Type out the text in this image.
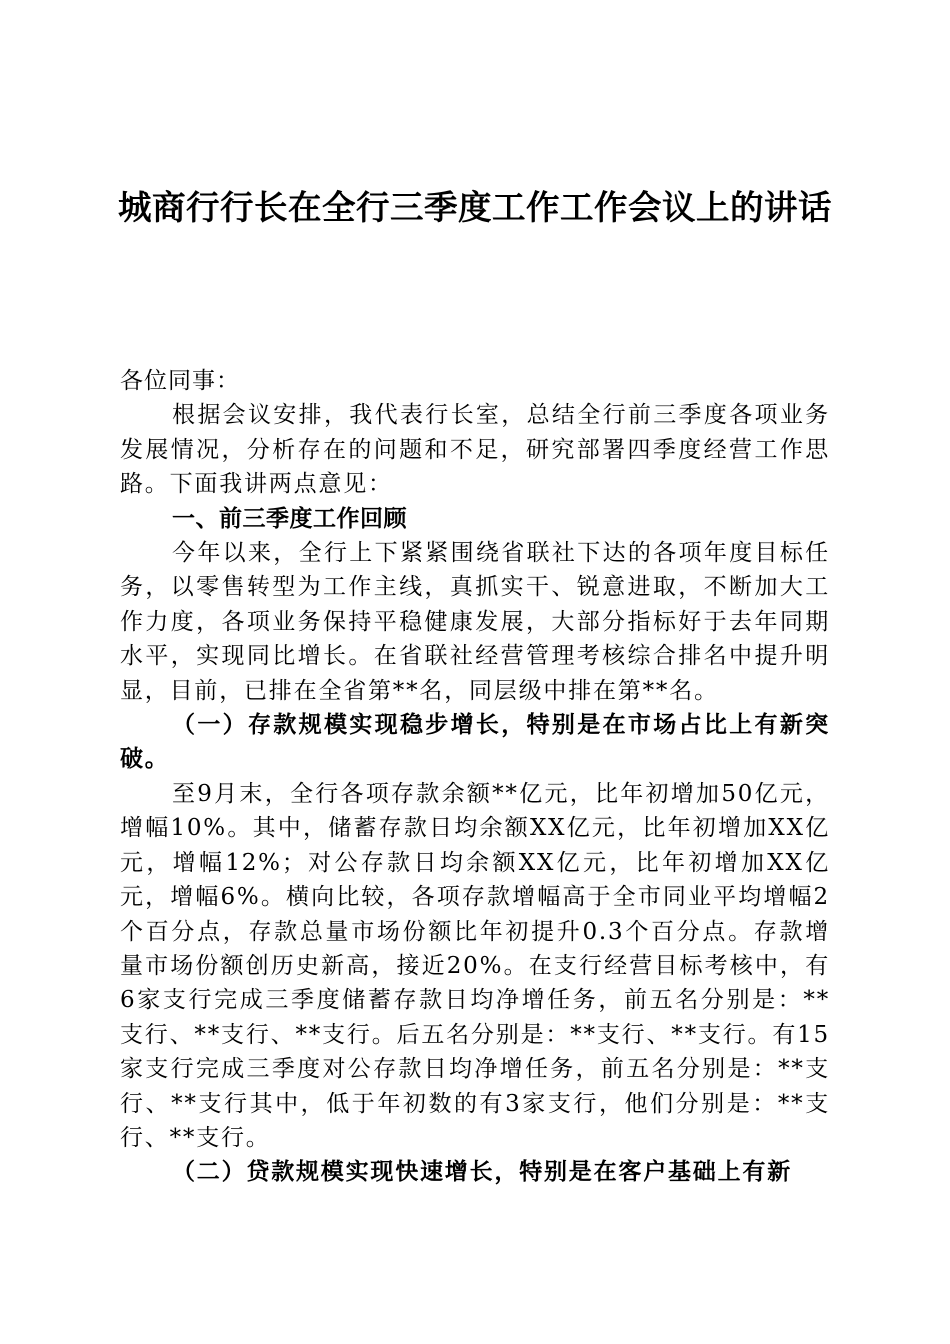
城商行行长在全行三季度工作工作会议上的讲话

各位同事：

根据会议安排，我代表行长室，总结全行前三季度各项业务发展情况，分析存在的问题和不足，研究部署四季度经营工作思路。下面我讲两点意见：

一、前三季度工作回顾

今年以来，全行上下紧紧围绕省联社下达的各项年度目标任务，以零售转型为工作主线，真抓实干、锐意进取，不断加大工作力度，各项业务保持平稳健康发展，大部分指标好于去年同期水平，实现同比增长。在省联社经营管理考核综合排名中提升明显，目前，已排在全省第**名，同层级中排在第**名。

（一）存款规模实现稳步增长，特别是在市场占比上有新突破。

至9月末，全行各项存款余额**亿元，比年初增加50亿元，增幅10%。其中，储蓄存款日均余额XX亿元，比年初增加XX亿元，增幅12%；对公存款日均余额XX亿元，比年初增加XX亿元，增幅6%。横向比较，各项存款增幅高于全市同业平均增幅2个百分点，存款总量市场份额比年初提升0.3个百分点。存款增量市场份额创历史新高，接近20%。在支行经营目标考核中，有6家支行完成三季度储蓄存款日均净增任务，前五名分别是：**支行、**支行、**支行。后五名分别是：**支行、**支行。有15家支行完成三季度对公存款日均净增任务，前五名分别是：**支行、**支行其中，低于年初数的有3家支行，他们分别是：**支行、**支行。

（二）贷款规模实现快速增长，特别是在客户基础上有新
